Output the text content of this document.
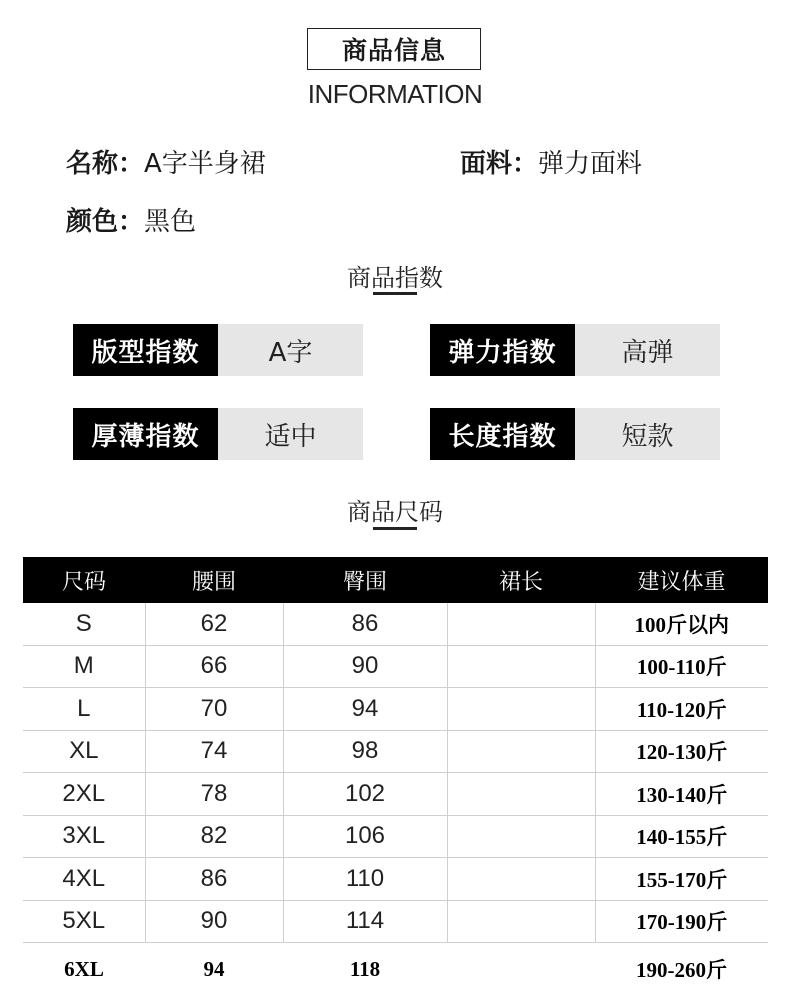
商品信息
INFORMATION
名称：A字半身裙	面料：弹力面料
颜色：黑色
商品指数
版型指数	A字	弹力指数	高弹
厚薄指数	适中	长度指数	短款
商品尺码
尺码	腰围	臀围	裙长	建议体重
S	62	86		100斤以内
M	66	90		100-110斤
L	70	94		110-120斤
XL	74	98		120-130斤
2XL	78	102		130-140斤
3XL	82	106		140-155斤
4XL	86	110		155-170斤
5XL	90	114		170-190斤
6XL	94	118		190-260斤
